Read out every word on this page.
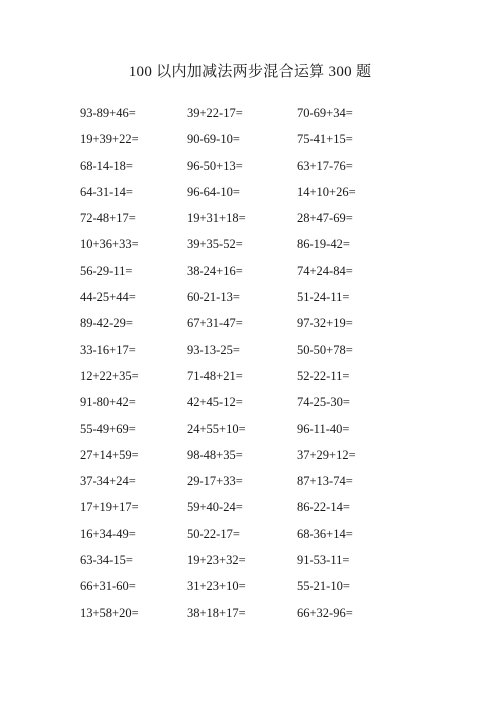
100 以内加减法两步混合运算 300 题
93-89+46=	39+22-17=	70-69+34=
19+39+22=	90-69-10=	75-41+15=
68-14-18=	96-50+13=	63+17-76=
64-31-14=	96-64-10=	14+10+26=
72-48+17=	19+31+18=	28+47-69=
10+36+33=	39+35-52=	86-19-42=
56-29-11=	38-24+16=	74+24-84=
44-25+44=	60-21-13=	51-24-11=
89-42-29=	67+31-47=	97-32+19=
33-16+17=	93-13-25=	50-50+78=
12+22+35=	71-48+21=	52-22-11=
91-80+42=	42+45-12=	74-25-30=
55-49+69=	24+55+10=	96-11-40=
27+14+59=	98-48+35=	37+29+12=
37-34+24=	29-17+33=	87+13-74=
17+19+17=	59+40-24=	86-22-14=
16+34-49=	50-22-17=	68-36+14=
63-34-15=	19+23+32=	91-53-11=
66+31-60=	31+23+10=	55-21-10=
13+58+20=	38+18+17=	66+32-96=
